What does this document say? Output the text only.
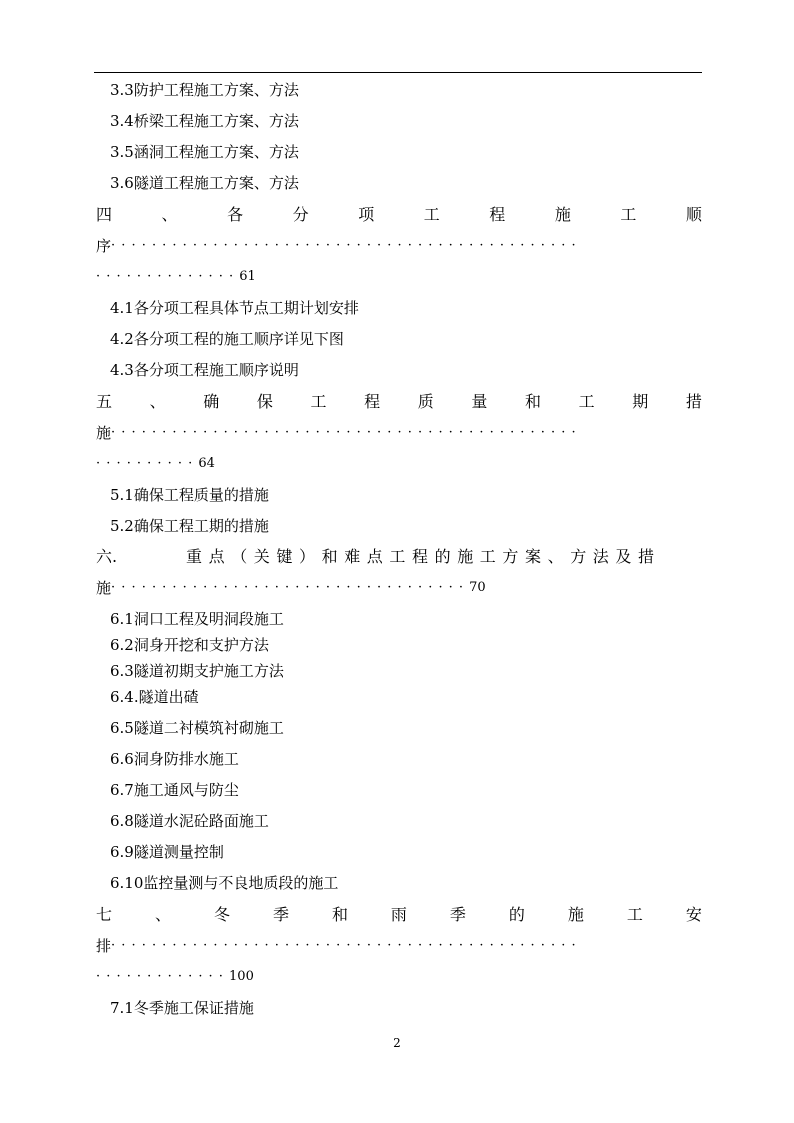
3.3防护工程施工方案、方法
3.4桥梁工程施工方案、方法
3.5涵洞工程施工方案、方法
3.6隧道工程施工方案、方法
四	、	各	分	项	工	程	施	工	顺
序 ··············································
·············· 61
4.1各分项工程具体节点工期计划安排
4.2各分项工程的施工顺序详见下图
4.3各分项工程施工顺序说明
五 、 确 保 工 程 质 量 和 工 期 措
施 ··············································
·········· 64
5.1确保工程质量的措施
5.2确保工程工期的措施
六.	重点（关键）和难点工程的施工方案、方法及措
施 ··································· 70
6.1洞口工程及明洞段施工
6.2洞身开挖和支护方法
6.3隧道初期支护施工方法
6.4.隧道出碴
6.5隧道二衬模筑衬砌施工
6.6洞身防排水施工
6.7施工通风与防尘
6.8隧道水泥砼路面施工
6.9隧道测量控制
6.10监控量测与不良地质段的施工
七	、	冬	季	和	雨	季	的	施	工	安
排 ··············································
············· 100
7.1冬季施工保证措施
2
